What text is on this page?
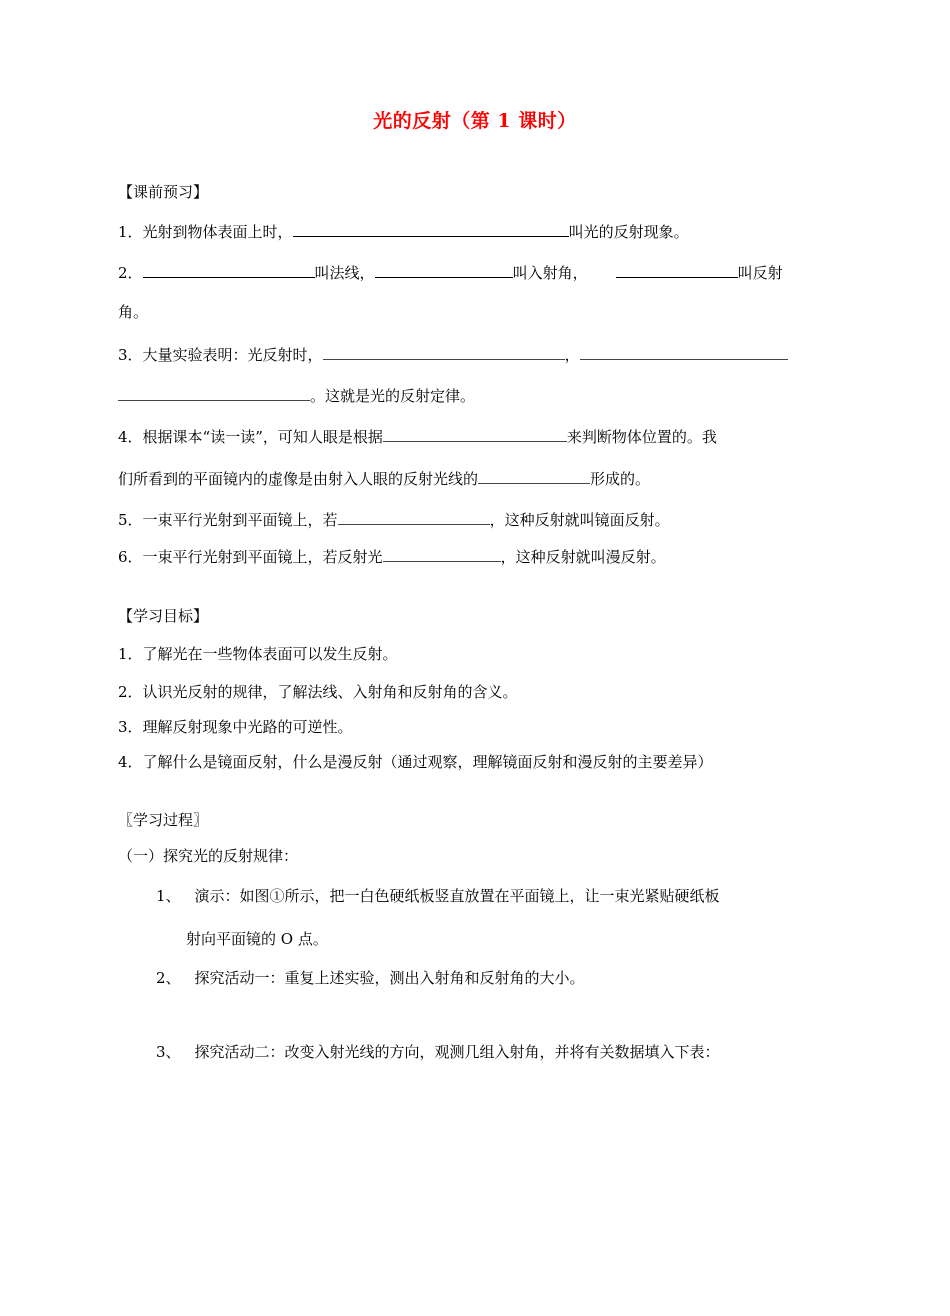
光的反射（第 1 课时）
【课前预习】
1．光射到物体表面上时，	叫光的反射现象。
2．	叫法线，	叫入射角，	叫反射
角。
3．大量实验表明：光反射时，	，
。这就是光的反射定律。
4．根据课本“读一读”，可知人眼是根据	来判断物体位置的。我
们所看到的平面镜内的虚像是由射入人眼的反射光线的	形成的。
5．一束平行光射到平面镜上，若	，这种反射就叫镜面反射。
6．一束平行光射到平面镜上，若反射光	，这种反射就叫漫反射。
【学习目标】
1．了解光在一些物体表面可以发生反射。
2．认识光反射的规律，了解法线、入射角和反射角的含义。
3．理解反射现象中光路的可逆性。
4．了解什么是镜面反射，什么是漫反射（通过观察，理解镜面反射和漫反射的主要差异）
〖学习过程〗
（一）探究光的反射规律：
1、 演示：如图①所示，把一白色硬纸板竖直放置在平面镜上，让一束光紧贴硬纸板
射向平面镜的 O 点。
2、 探究活动一：重复上述实验，测出入射角和反射角的大小。
3、 探究活动二：改变入射光线的方向，观测几组入射角，并将有关数据填入下表：
